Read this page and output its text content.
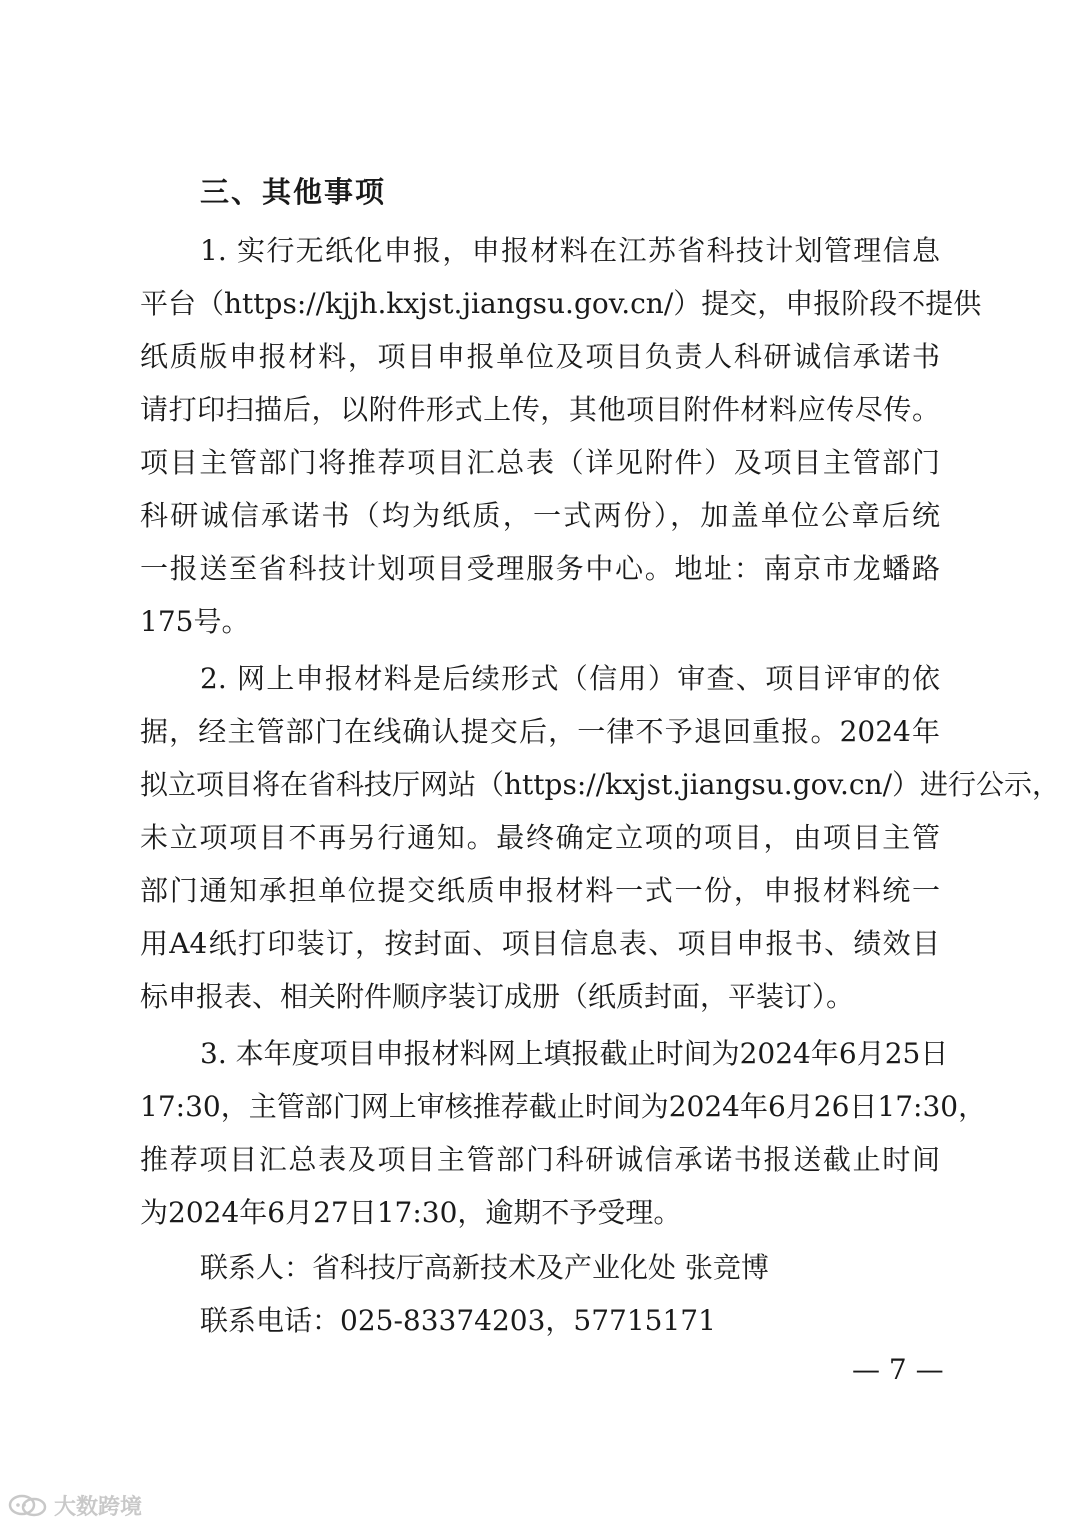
三、其他事项
1. 实行无纸化申报，申报材料在江苏省科技计划管理信息
平台（https://kjjh.kxjst.jiangsu.gov.cn/）提交，申报阶段不提供
纸质版申报材料，项目申报单位及项目负责人科研诚信承诺书
请打印扫描后，以附件形式上传，其他项目附件材料应传尽传。
项目主管部门将推荐项目汇总表（详见附件）及项目主管部门
科研诚信承诺书（均为纸质，一式两份），加盖单位公章后统
一报送至省科技计划项目受理服务中心。地址：南京市龙蟠路
175号。
2. 网上申报材料是后续形式（信用）审查、项目评审的依
据，经主管部门在线确认提交后，一律不予退回重报。2024年
拟立项目将在省科技厅网站（https://kxjst.jiangsu.gov.cn/）进行公示，
未立项项目不再另行通知。最终确定立项的项目，由项目主管
部门通知承担单位提交纸质申报材料一式一份，申报材料统一
用A4纸打印装订，按封面、项目信息表、项目申报书、绩效目
标申报表、相关附件顺序装订成册（纸质封面，平装订）。
3. 本年度项目申报材料网上填报截止时间为2024年6月25日
17:30，主管部门网上审核推荐截止时间为2024年6月26日17:30，
推荐项目汇总表及项目主管部门科研诚信承诺书报送截止时间
为2024年6月27日17:30，逾期不予受理。
联系人：省科技厅高新技术及产业化处 张竞博
联系电话：025-83374203，57715171
— 7 —
大数跨境
